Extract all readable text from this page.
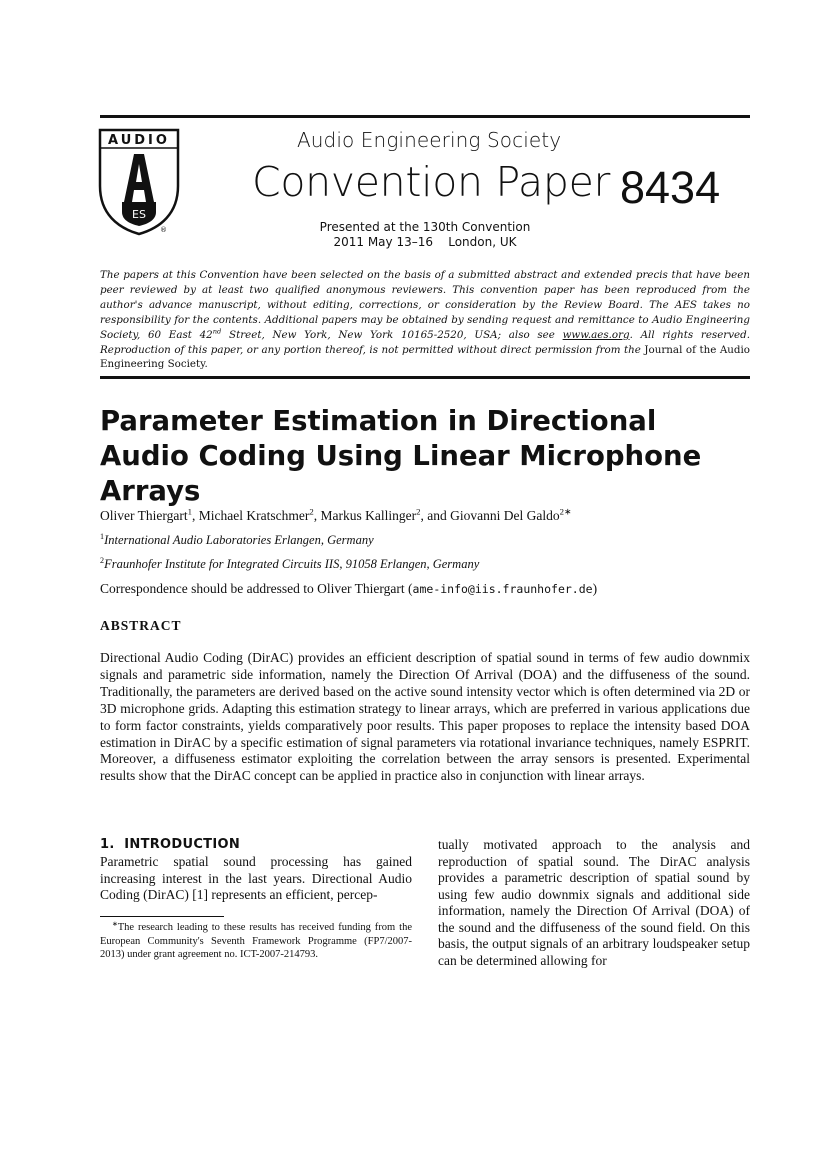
AUDIO
ES
®
Audio Engineering Society
Convention Paper 8434
Presented at the 130th Convention
2011 May 13–16    London, UK
The papers at this Convention have been selected on the basis of a submitted abstract and extended precis that have been peer reviewed by at least two qualified anonymous reviewers. This convention paper has been reproduced from the author's advance manuscript, without editing, corrections, or consideration by the Review Board. The AES takes no responsibility for the contents. Additional papers may be obtained by sending request and remittance to Audio Engineering Society, 60 East 42nd Street, New York, New York 10165-2520, USA; also see www.aes.org. All rights reserved. Reproduction of this paper, or any portion thereof, is not permitted without direct permission from the Journal of the Audio Engineering Society.
Parameter Estimation in Directional Audio Coding Using Linear Microphone Arrays
Oliver Thiergart$^1$, Michael Kratschmer$^2$, Markus Kallinger$^2$, and Giovanni Del Galdo$^{2∗}$
$^1$International Audio Laboratories Erlangen, Germany
$^2$Fraunhofer Institute for Integrated Circuits IIS, 91058 Erlangen, Germany
Correspondence should be addressed to Oliver Thiergart (ame-info@iis.fraunhofer.de)
ABSTRACT

Directional Audio Coding (DirAC) provides an efficient description of spatial sound in terms of few audio downmix signals and parametric side information, namely the Direction Of Arrival (DOA) and the diffuseness of the sound. Traditionally, the parameters are derived based on the active sound intensity vector which is often determined via 2D or 3D microphone grids. Adapting this estimation strategy to linear arrays, which are preferred in various applications due to form factor constraints, yields comparatively poor results. This paper proposes to replace the intensity based DOA estimation in DirAC by a specific estimation of signal parameters via rotational invariance techniques, namely ESPRIT. Moreover, a diffuseness estimator exploiting the correlation between the array sensors is presented. Experimental results show that the DirAC concept can be applied in practice also in conjunction with linear arrays.

1. INTRODUCTION

Parametric spatial sound processing has gained increasing interest in the last years. Directional Audio Coding (DirAC) [1] represents an efficient, percep-

tually motivated approach to the analysis and reproduction of spatial sound. The DirAC analysis provides a parametric description of spatial sound by using few audio downmix signals and additional side information, namely the Direction Of Arrival (DOA) of the sound and the diffuseness of the sound field. On this basis, the output signals of an arbitrary loudspeaker setup can be determined allowing for

∗The research leading to these results has received funding from the European Community's Seventh Framework Programme (FP7/2007-2013) under grant agreement no. ICT-2007-214793.
